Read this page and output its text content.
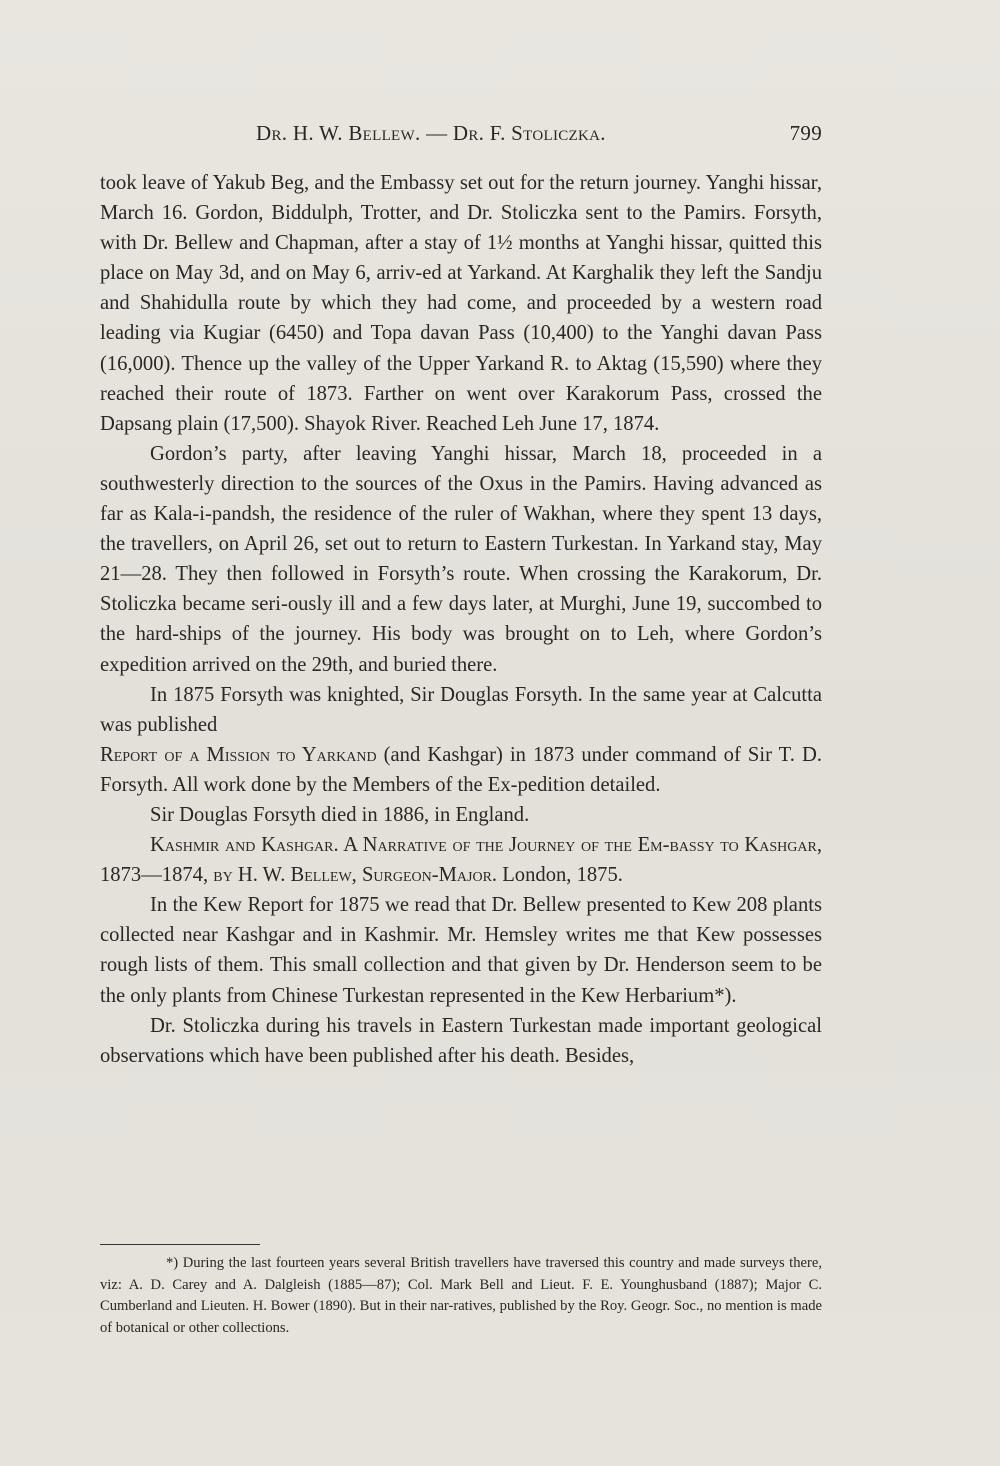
Dr. H. W. Bellew. — Dr. F. Stoliczka.	799

took leave of Yakub Beg, and the Embassy set out for the return journey. Yanghi hissar, March 16. Gordon, Biddulph, Trotter, and Dr. Stoliczka sent to the Pamirs. Forsyth, with Dr. Bellew and Chapman, after a stay of 1½ months at Yanghi hissar, quitted this place on May 3d, and on May 6, arriv-ed at Yarkand. At Karghalik they left the Sandju and Shahidulla route by which they had come, and proceeded by a western road leading via Kugiar (6450) and Topa davan Pass (10,400) to the Yanghi davan Pass (16,000). Thence up the valley of the Upper Yarkand R. to Aktag (15,590) where they reached their route of 1873. Farther on went over Karakorum Pass, crossed the Dapsang plain (17,500). Shayok River. Reached Leh June 17, 1874.

Gordon’s party, after leaving Yanghi hissar, March 18, proceeded in a southwesterly direction to the sources of the Oxus in the Pamirs. Having advanced as far as Kala-i-pandsh, the residence of the ruler of Wakhan, where they spent 13 days, the travellers, on April 26, set out to return to Eastern Turkestan. In Yarkand stay, May 21—28. They then followed in Forsyth’s route. When crossing the Karakorum, Dr. Stoliczka became seri-ously ill and a few days later, at Murghi, June 19, succombed to the hard-ships of the journey. His body was brought on to Leh, where Gordon’s expedition arrived on the 29th, and buried there.

In 1875 Forsyth was knighted, Sir Douglas Forsyth. In the same year at Calcutta was published

Report of a Mission to Yarkand (and Kashgar) in 1873 under command of Sir T. D. Forsyth. All work done by the Members of the Ex-pedition detailed.

Sir Douglas Forsyth died in 1886, in England.

Kashmir and Kashgar. A Narrative of the Journey of the Em-bassy to Kashgar, 1873—1874, by H. W. Bellew, Surgeon-Major. London, 1875.

In the Kew Report for 1875 we read that Dr. Bellew presented to Kew 208 plants collected near Kashgar and in Kashmir. Mr. Hemsley writes me that Kew possesses rough lists of them. This small collection and that given by Dr. Henderson seem to be the only plants from Chinese Turkestan represented in the Kew Herbarium*).

Dr. Stoliczka during his travels in Eastern Turkestan made important geological observations which have been published after his death. Besides,

*) During the last fourteen years several British travellers have traversed this country and made surveys there, viz: A. D. Carey and A. Dalgleish (1885—87); Col. Mark Bell and Lieut. F. E. Younghusband (1887); Major C. Cumberland and Lieuten. H. Bower (1890). But in their nar-ratives, published by the Roy. Geogr. Soc., no mention is made of botanical or other collections.
